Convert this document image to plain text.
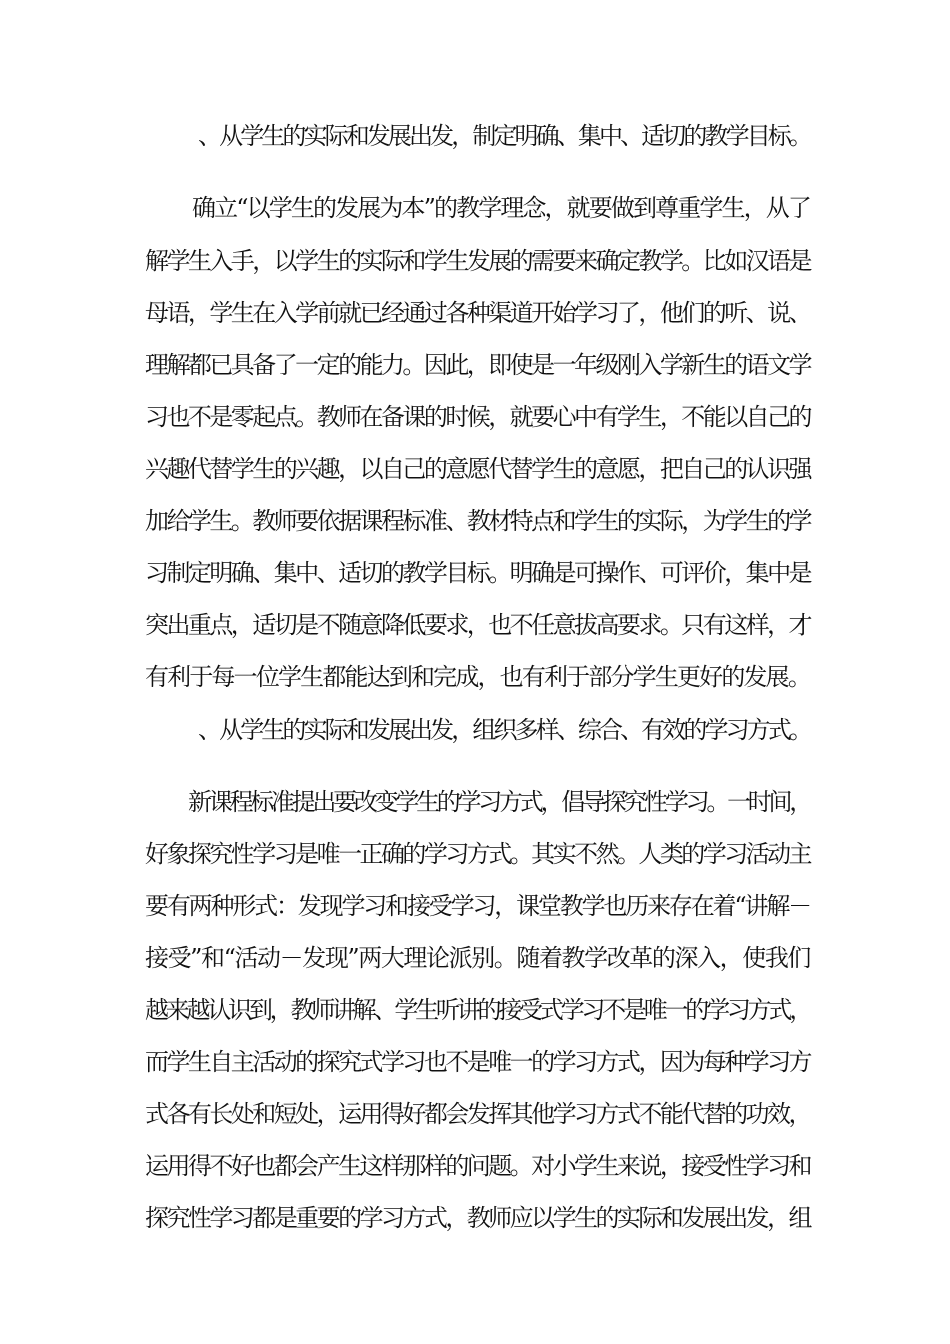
、从学生的实际和发展出发，制定明确、集中、适切的教学目标。
确立“以学生的发展为本”的教学理念，就要做到尊重学生，从了
解学生入手，以学生的实际和学生发展的需要来确定教学。比如汉语是
母语，学生在入学前就已经通过各种渠道开始学习了，他们的听、说、
理解都已具备了一定的能力。因此，即使是一年级刚入学新生的语文学
习也不是零起点。教师在备课的时候，就要心中有学生，不能以自己的
兴趣代替学生的兴趣，以自己的意愿代替学生的意愿，把自己的认识强
加给学生。教师要依据课程标准、教材特点和学生的实际，为学生的学
习制定明确、集中、适切的教学目标。明确是可操作、可评价，集中是
突出重点，适切是不随意降低要求，也不任意拔高要求。只有这样，才
有利于每一位学生都能达到和完成，也有利于部分学生更好的发展。
、从学生的实际和发展出发，组织多样、综合、有效的学习方式。
新课程标准提出要改变学生的学习方式，倡导探究性学习。一时间，
好象探究性学习是唯一正确的学习方式。其实不然。人类的学习活动主
要有两种形式：发现学习和接受学习，课堂教学也历来存在着“讲解－
接受”和“活动－发现”两大理论派别。随着教学改革的深入，使我们
越来越认识到，教师讲解、学生听讲的接受式学习不是唯一的学习方式，
而学生自主活动的探究式学习也不是唯一的学习方式，因为每种学习方
式各有长处和短处，运用得好都会发挥其他学习方式不能代替的功效，
运用得不好也都会产生这样那样的问题。对小学生来说，接受性学习和
探究性学习都是重要的学习方式，教师应以学生的实际和发展出发，组
